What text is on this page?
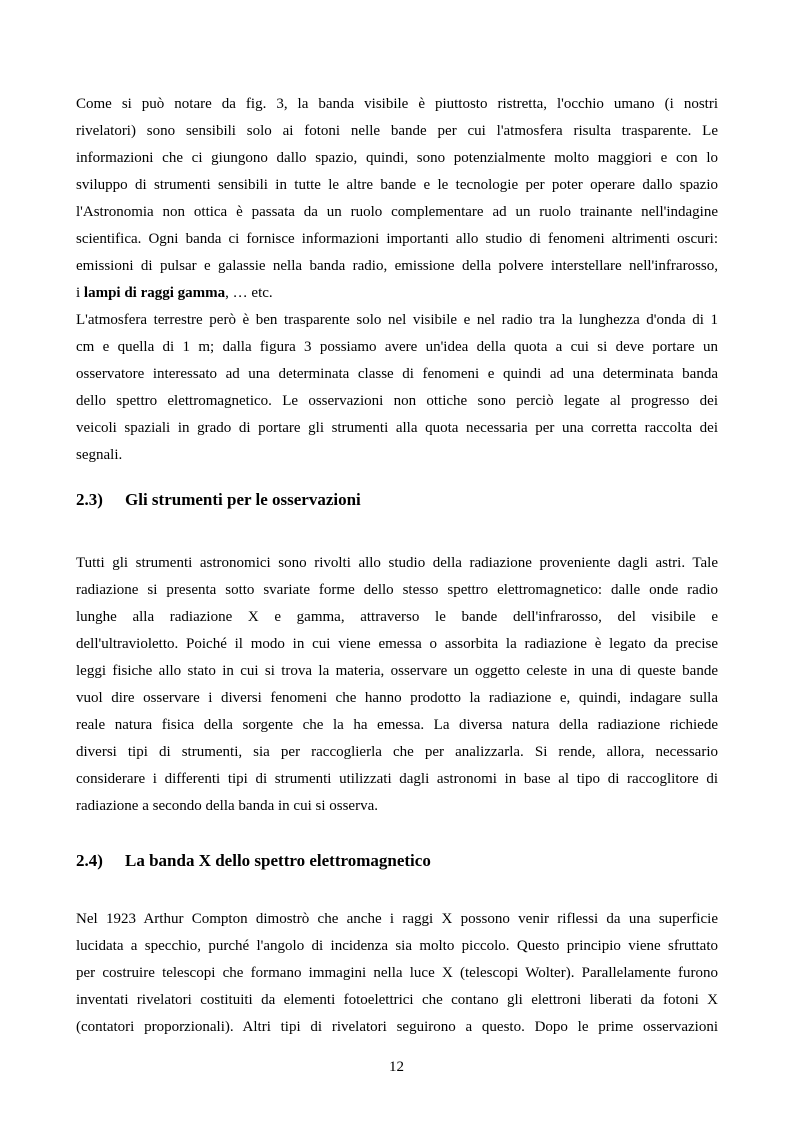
Come si può notare da fig. 3, la banda visibile è piuttosto ristretta, l'occhio umano (i nostri
rivelatori) sono sensibili solo ai fotoni nelle bande per cui l'atmosfera risulta trasparente. Le
informazioni che ci giungono dallo spazio, quindi, sono potenzialmente molto maggiori e con lo
sviluppo di strumenti sensibili in tutte le altre bande e le tecnologie per poter operare dallo spazio
l'Astronomia non ottica è passata da un ruolo complementare ad un ruolo trainante nell'indagine
scientifica. Ogni banda ci fornisce informazioni importanti allo studio di fenomeni altrimenti oscuri:
emissioni di pulsar e galassie nella banda radio, emissione della polvere interstellare nell'infrarosso,
i lampi di raggi gamma, … etc.
L'atmosfera terrestre però è ben trasparente solo nel visibile e nel radio tra la lunghezza d'onda di 1
cm e quella di 1 m; dalla figura 3 possiamo avere un'idea della quota a cui si deve portare un
osservatore interessato ad una determinata classe di fenomeni e quindi ad una determinata banda
dello spettro elettromagnetico. Le osservazioni non ottiche sono perciò legate al progresso dei
veicoli spaziali in grado di portare gli strumenti alla quota necessaria per una corretta raccolta dei
segnali.
2.3) Gli strumenti per le osservazioni
Tutti gli strumenti astronomici sono rivolti allo studio della radiazione proveniente dagli astri. Tale
radiazione si presenta sotto svariate forme dello stesso spettro elettromagnetico: dalle onde radio
lunghe alla radiazione X e gamma, attraverso le bande dell'infrarosso, del visibile e
dell'ultravioletto. Poiché il modo in cui viene emessa o assorbita la radiazione è legato da precise
leggi fisiche allo stato in cui si trova la materia, osservare un oggetto celeste in una di queste bande
vuol dire osservare i diversi fenomeni che hanno prodotto la radiazione e, quindi, indagare sulla
reale natura fisica della sorgente che la ha emessa. La diversa natura della radiazione richiede
diversi tipi di strumenti, sia per raccoglierla che per analizzarla. Si rende, allora, necessario
considerare i differenti tipi di strumenti utilizzati dagli astronomi in base al tipo di raccoglitore di
radiazione a secondo della banda in cui si osserva.
2.4) La banda X dello spettro elettromagnetico
Nel 1923 Arthur Compton dimostrò che anche i raggi X possono venir riflessi da una superficie
lucidata a specchio, purché l'angolo di incidenza sia molto piccolo. Questo principio viene sfruttato
per costruire telescopi che formano immagini nella luce X (telescopi Wolter). Parallelamente furono
inventati rivelatori costituiti da elementi fotoelettrici che contano gli elettroni liberati da fotoni X
(contatori proporzionali). Altri tipi di rivelatori seguirono a questo. Dopo le prime osservazioni
12
